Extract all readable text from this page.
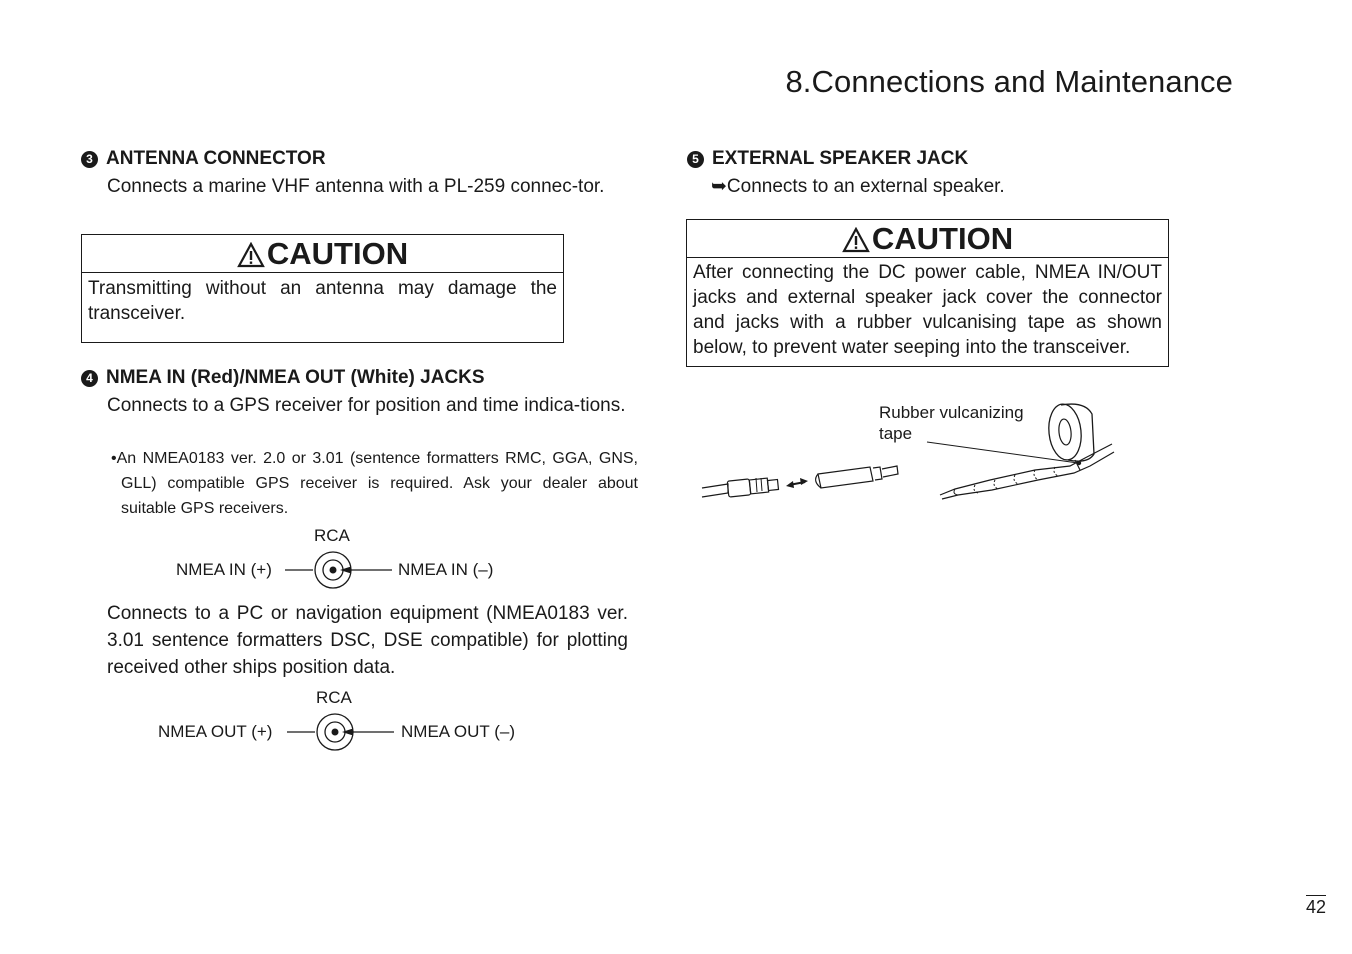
8.Connections and Maintenance
3 ANTENNA CONNECTOR
Connects a marine VHF antenna with a PL-259 connec-tor.
CAUTION
Transmitting without an antenna may damage the transceiver.
4 NMEA IN (Red)/NMEA OUT (White) JACKS
Connects to a GPS receiver for position and time indica-tions.
•An NMEA0183 ver. 2.0 or 3.01 (sentence formatters RMC, GGA, GNS, GLL) compatible GPS receiver is required. Ask your dealer about suitable GPS receivers.
RCA
NMEA IN (+)	NMEA IN (–)
Connects to a PC or navigation equipment (NMEA0183 ver. 3.01 sentence formatters DSC, DSE compatible) for plotting received other ships position data.
RCA
NMEA OUT (+)	NMEA OUT (–)
5 EXTERNAL SPEAKER JACK
➥Connects to an external speaker.
CAUTION
After connecting the DC power cable, NMEA IN/OUT jacks and external speaker jack cover the connector and jacks with a rubber vulcanising tape as shown below, to prevent water seeping into the transceiver.
Rubber vulcanizing
tape
42
